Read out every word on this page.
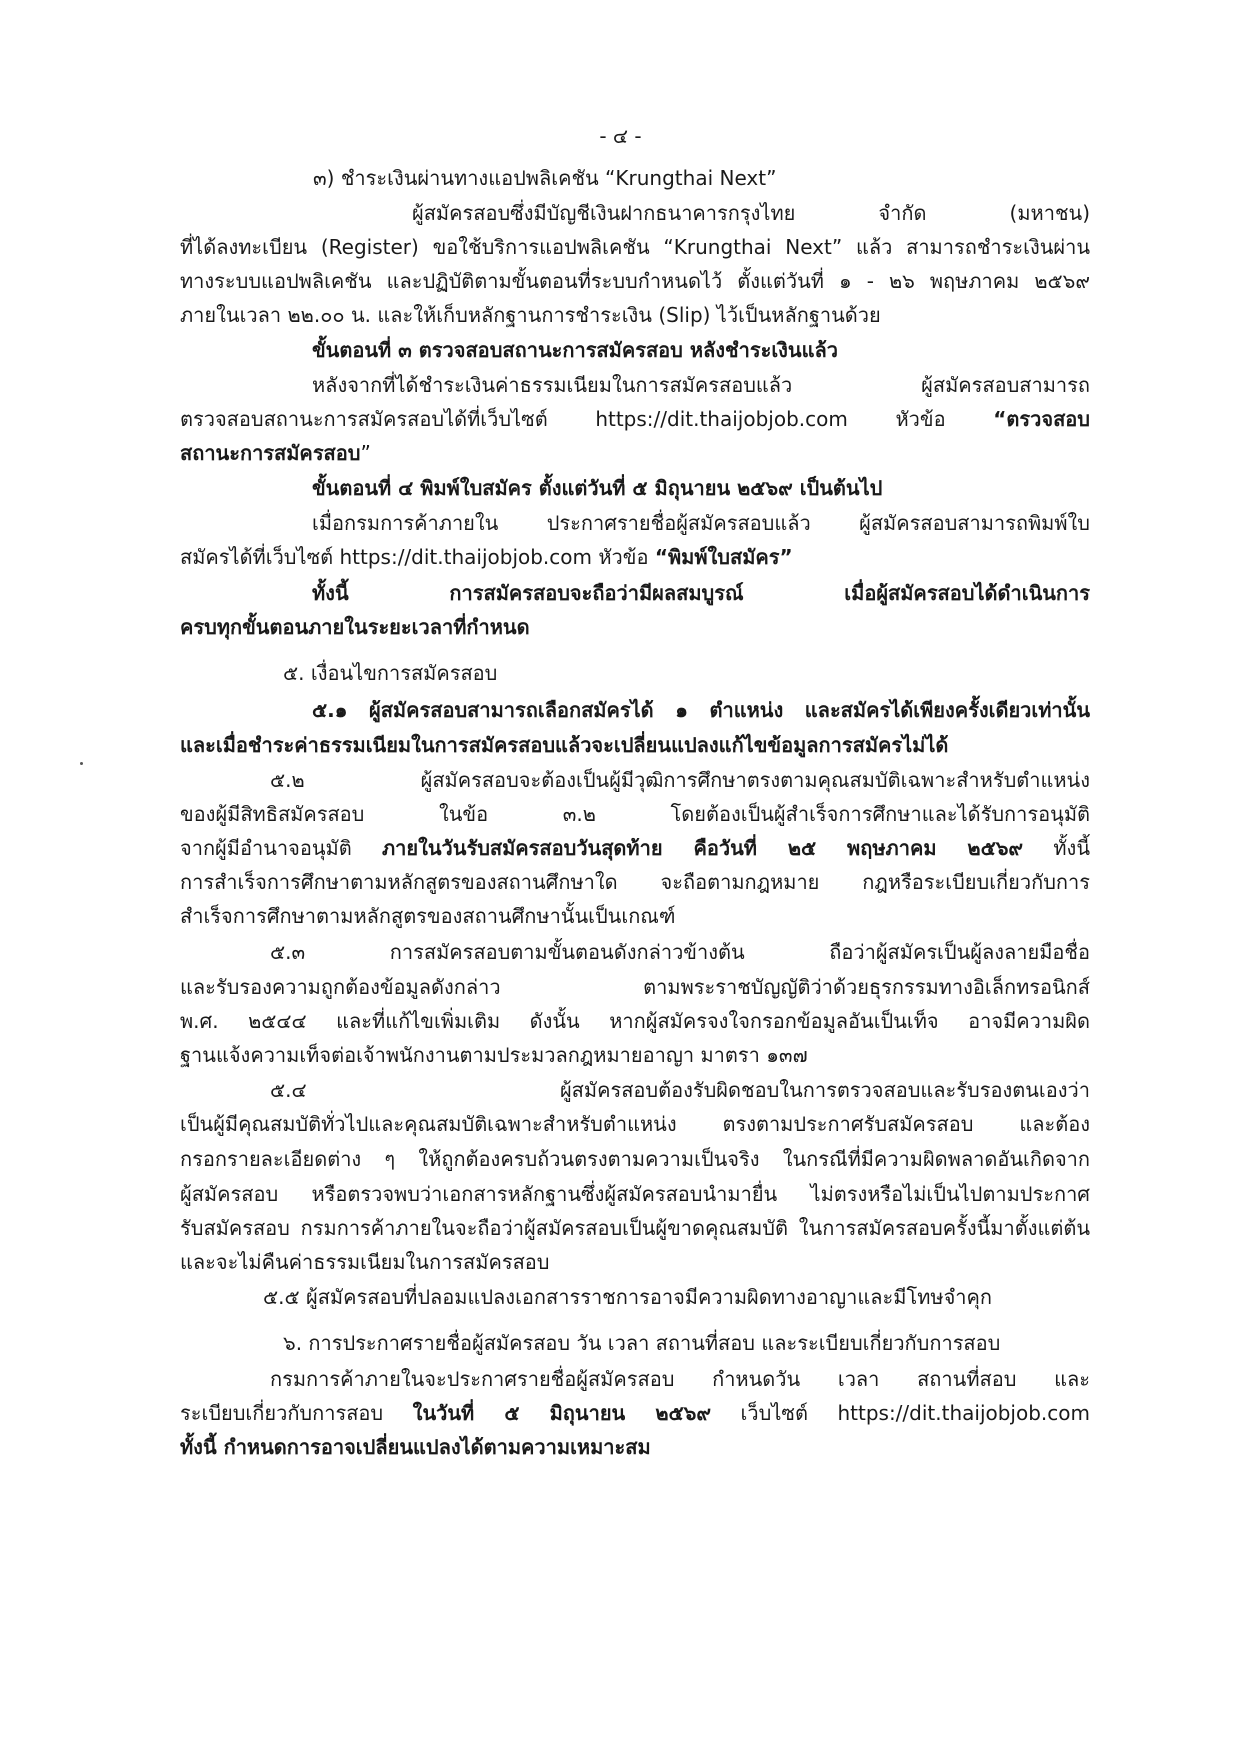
- ๔ -
๓) ชำระเงินผ่านทางแอปพลิเคชัน “Krungthai Next”
ผู้สมัครสอบซึ่งมีบัญชีเงินฝากธนาคารกรุงไทย จำกัด (มหาชน)
ที่ได้ลงทะเบียน (Register) ขอใช้บริการแอปพลิเคชัน “Krungthai Next” แล้ว สามารถชำระเงินผ่าน
ทางระบบแอปพลิเคชัน และปฏิบัติตามขั้นตอนที่ระบบกำหนดไว้ ตั้งแต่วันที่ ๑ - ๒๖ พฤษภาคม ๒๕๖๙
ภายในเวลา ๒๒.๐๐ น. และให้เก็บหลักฐานการชำระเงิน (Slip) ไว้เป็นหลักฐานด้วย
ขั้นตอนที่ ๓ ตรวจสอบสถานะการสมัครสอบ หลังชำระเงินแล้ว
หลังจากที่ได้ชำระเงินค่าธรรมเนียมในการสมัครสอบแล้ว ผู้สมัครสอบสามารถ
ตรวจสอบสถานะการสมัครสอบได้ที่เว็บไซต์ https://dit.thaijobjob.com หัวข้อ “ตรวจสอบ
สถานะการสมัครสอบ”
ขั้นตอนที่ ๔ พิมพ์ใบสมัคร ตั้งแต่วันที่ ๕ มิถุนายน ๒๕๖๙ เป็นต้นไป
เมื่อกรมการค้าภายใน ประกาศรายชื่อผู้สมัครสอบแล้ว ผู้สมัครสอบสามารถพิมพ์ใบ
สมัครได้ที่เว็บไซต์ https://dit.thaijobjob.com หัวข้อ “พิมพ์ใบสมัคร”
ทั้งนี้ การสมัครสอบจะถือว่ามีผลสมบูรณ์ เมื่อผู้สมัครสอบได้ดำเนินการ
ครบทุกขั้นตอนภายในระยะเวลาที่กำหนด
๕. เงื่อนไขการสมัครสอบ
๕.๑ ผู้สมัครสอบสามารถเลือกสมัครได้ ๑ ตำแหน่ง และสมัครได้เพียงครั้งเดียวเท่านั้น
และเมื่อชำระค่าธรรมเนียมในการสมัครสอบแล้วจะเปลี่ยนแปลงแก้ไขข้อมูลการสมัครไม่ได้
๕.๒ ผู้สมัครสอบจะต้องเป็นผู้มีวุฒิการศึกษาตรงตามคุณสมบัติเฉพาะสำหรับตำแหน่ง
ของผู้มีสิทธิสมัครสอบ ในข้อ ๓.๒ โดยต้องเป็นผู้สำเร็จการศึกษาและได้รับการอนุมัติ
จากผู้มีอำนาจอนุมัติ ภายในวันรับสมัครสอบวันสุดท้าย คือวันที่ ๒๕ พฤษภาคม ๒๕๖๙ ทั้งนี้
การสำเร็จการศึกษาตามหลักสูตรของสถานศึกษาใด จะถือตามกฎหมาย กฎหรือระเบียบเกี่ยวกับการ
สำเร็จการศึกษาตามหลักสูตรของสถานศึกษานั้นเป็นเกณฑ์
๕.๓ การสมัครสอบตามขั้นตอนดังกล่าวข้างต้น ถือว่าผู้สมัครเป็นผู้ลงลายมือชื่อ
และรับรองความถูกต้องข้อมูลดังกล่าว ตามพระราชบัญญัติว่าด้วยธุรกรรมทางอิเล็กทรอนิกส์
พ.ศ. ๒๕๔๔ และที่แก้ไขเพิ่มเติม ดังนั้น หากผู้สมัครจงใจกรอกข้อมูลอันเป็นเท็จ อาจมีความผิด
ฐานแจ้งความเท็จต่อเจ้าพนักงานตามประมวลกฎหมายอาญา มาตรา ๑๓๗
๕.๔ ผู้สมัครสอบต้องรับผิดชอบในการตรวจสอบและรับรองตนเองว่า
เป็นผู้มีคุณสมบัติทั่วไปและคุณสมบัติเฉพาะสำหรับตำแหน่ง ตรงตามประกาศรับสมัครสอบ และต้อง
กรอกรายละเอียดต่าง ๆ ให้ถูกต้องครบถ้วนตรงตามความเป็นจริง ในกรณีที่มีความผิดพลาดอันเกิดจาก
ผู้สมัครสอบ หรือตรวจพบว่าเอกสารหลักฐานซึ่งผู้สมัครสอบนำมายื่น ไม่ตรงหรือไม่เป็นไปตามประกาศ
รับสมัครสอบ กรมการค้าภายในจะถือว่าผู้สมัครสอบเป็นผู้ขาดคุณสมบัติ ในการสมัครสอบครั้งนี้มาตั้งแต่ต้น
และจะไม่คืนค่าธรรมเนียมในการสมัครสอบ
๕.๕ ผู้สมัครสอบที่ปลอมแปลงเอกสารราชการอาจมีความผิดทางอาญาและมีโทษจำคุก
๖. การประกาศรายชื่อผู้สมัครสอบ วัน เวลา สถานที่สอบ และระเบียบเกี่ยวกับการสอบ
กรมการค้าภายในจะประกาศรายชื่อผู้สมัครสอบ กำหนดวัน เวลา สถานที่สอบ และ
ระเบียบเกี่ยวกับการสอบ ในวันที่ ๕ มิถุนายน ๒๕๖๙ เว็บไซต์ https://dit.thaijobjob.com
ทั้งนี้ กำหนดการอาจเปลี่ยนแปลงได้ตามความเหมาะสม
